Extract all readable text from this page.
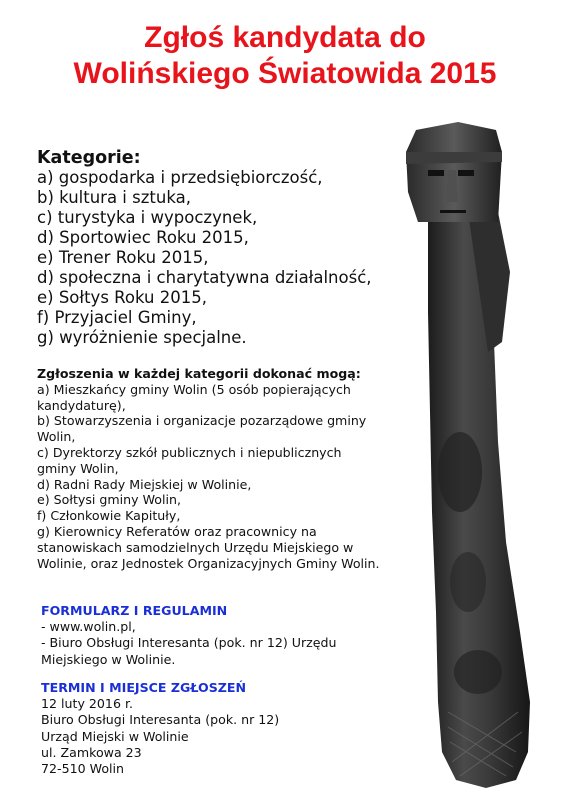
Zgłoś kandydata do
Wolińskiego Światowida 2015
Kategorie:
a) gospodarka i przedsiębiorczość,
b) kultura i sztuka,
c) turystyka i wypoczynek,
d) Sportowiec Roku 2015,
e) Trener Roku 2015,
d) społeczna i charytatywna działalność,
e) Sołtys Roku 2015,
f) Przyjaciel Gminy,
g) wyróżnienie specjalne.
Zgłoszenia w każdej kategorii dokonać mogą:
a) Mieszkańcy gminy Wolin (5 osób popierających
kandydaturę),
b) Stowarzyszenia i organizacje pozarządowe gminy
Wolin,
c) Dyrektorzy szkół publicznych i niepublicznych
gminy Wolin,
d) Radni Rady Miejskiej w Wolinie,
e) Sołtysi gminy Wolin,
f) Członkowie Kapituły,
g) Kierownicy Referatów oraz pracownicy na
stanowiskach samodzielnych Urzędu Miejskiego w
Wolinie, oraz Jednostek Organizacyjnych Gminy Wolin.
FORMULARZ I REGULAMIN
- www.wolin.pl,
- Biuro Obsługi Interesanta (pok. nr 12) Urzędu
Miejskiego w Wolinie.
TERMIN I MIEJSCE ZGŁOSZEŃ
12 luty 2016 r.
Biuro Obsługi Interesanta (pok. nr 12)
Urząd Miejski w Wolinie
ul. Zamkowa 23
72-510 Wolin
